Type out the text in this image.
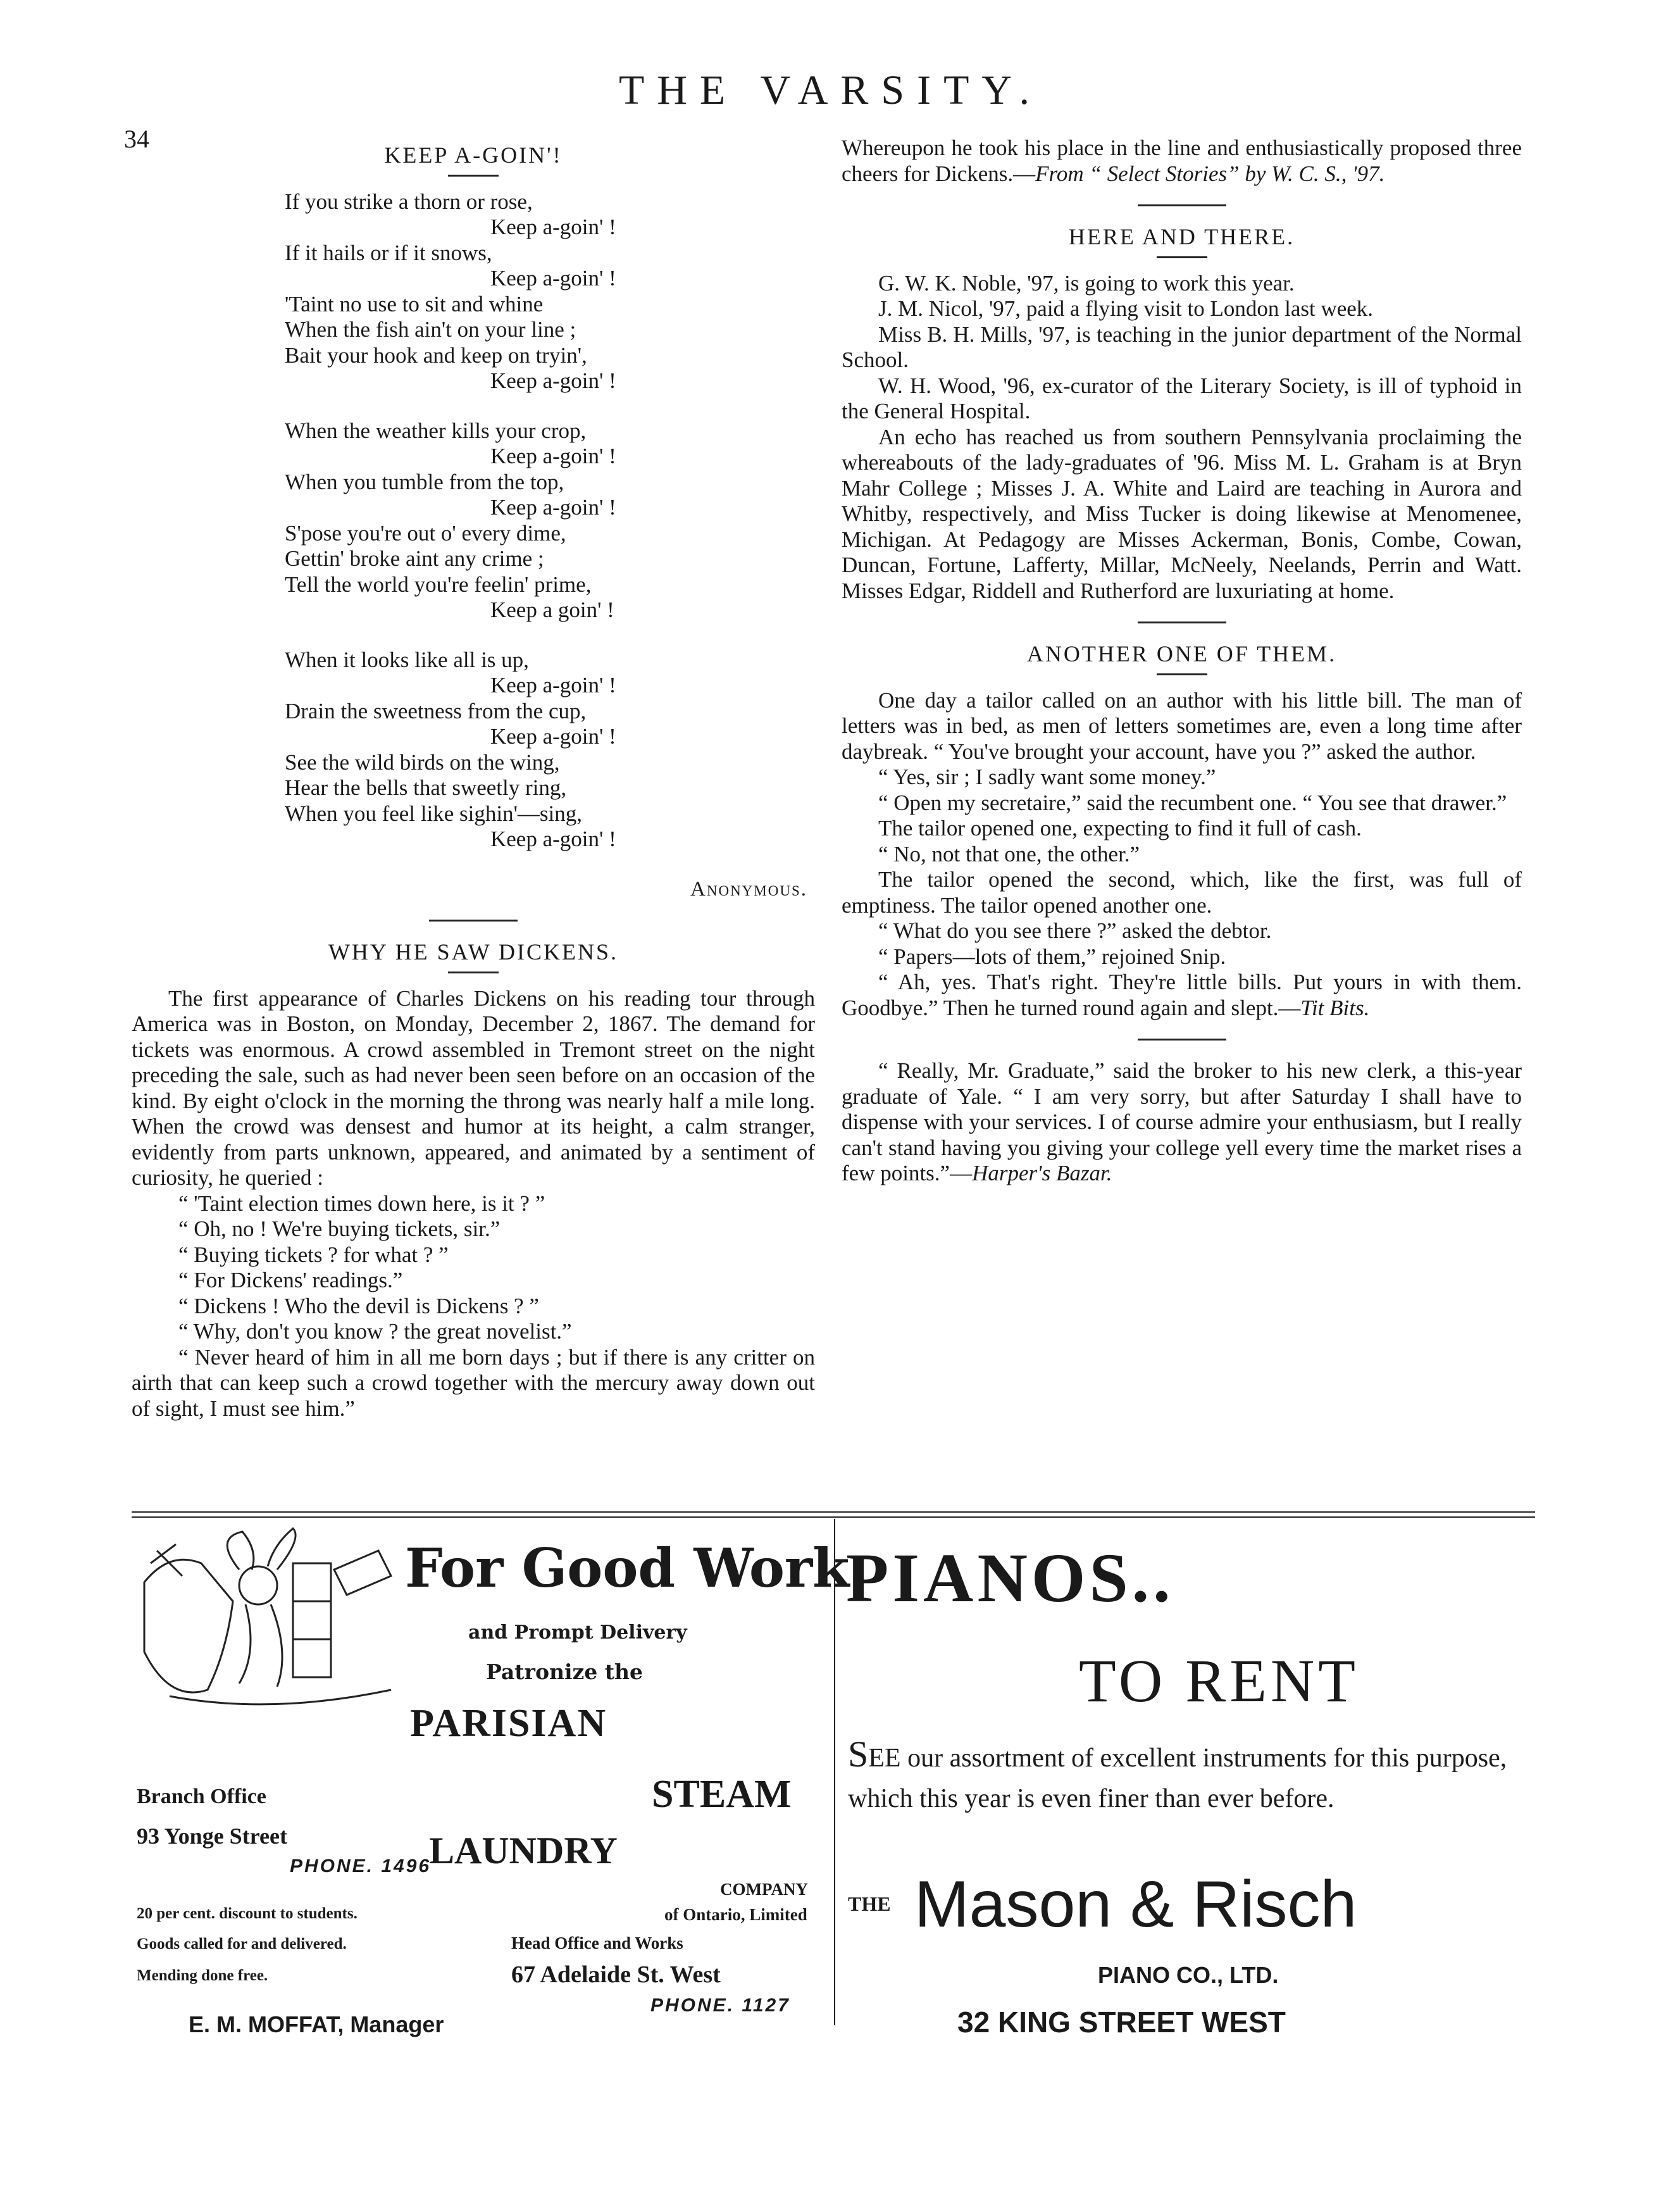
THE VARSITY.
34
KEEP A-GOIN'!
If you strike a thorn or rose,
Keep a-goin' !
If it hails or if it snows,
Keep a-goin' !
'Taint no use to sit and whine
When the fish ain't on your line ;
Bait your hook and keep on tryin',
Keep a-goin' !
When the weather kills your crop,
Keep a-goin' !
When you tumble from the top,
Keep a-goin' !
S'pose you're out o' every dime,
Gettin' broke aint any crime ;
Tell the world you're feelin' prime,
Keep a goin' !
When it looks like all is up,
Keep a-goin' !
Drain the sweetness from the cup,
Keep a-goin' !
See the wild birds on the wing,
Hear the bells that sweetly ring,
When you feel like sighin'—sing,
Keep a-goin' !
Anonymous.
WHY HE SAW DICKENS.

The first appearance of Charles Dickens on his reading tour through America was in Boston, on Monday, December 2, 1867. The demand for tickets was enormous. A crowd assembled in Tremont street on the night preceding the sale, such as had never been seen before on an occasion of the kind. By eight o'clock in the morning the throng was nearly half a mile long. When the crowd was densest and humor at its height, a calm stranger, evidently from parts unknown, appeared, and animated by a sentiment of curiosity, he queried :

“ 'Taint election times down here, is it ? ”

“ Oh, no ! We're buying tickets, sir.”

“ Buying tickets ? for what ? ”

“ For Dickens' readings.”

“ Dickens ! Who the devil is Dickens ? ”

“ Why, don't you know ? the great novelist.”

“ Never heard of him in all me born days ; but if there is any critter on airth that can keep such a crowd together with the mercury away down out of sight, I must see him.”

Whereupon he took his place in the line and enthusiastically proposed three cheers for Dickens.—From “ Select Stories” by W. C. S., '97.

HERE AND THERE.

G. W. K. Noble, '97, is going to work this year.

J. M. Nicol, '97, paid a flying visit to London last week.

Miss B. H. Mills, '97, is teaching in the junior department of the Normal School.

W. H. Wood, '96, ex-curator of the Literary Society, is ill of typhoid in the General Hospital.

An echo has reached us from southern Pennsylvania proclaiming the whereabouts of the lady-graduates of '96. Miss M. L. Graham is at Bryn Mahr College ; Misses J. A. White and Laird are teaching in Aurora and Whitby, respectively, and Miss Tucker is doing likewise at Menomenee, Michigan. At Pedagogy are Misses Ackerman, Bonis, Combe, Cowan, Duncan, Fortune, Lafferty, Millar, McNeely, Neelands, Perrin and Watt. Misses Edgar, Riddell and Rutherford are luxuriating at home.

ANOTHER ONE OF THEM.

One day a tailor called on an author with his little bill. The man of letters was in bed, as men of letters sometimes are, even a long time after daybreak. “ You've brought your account, have you ?” asked the author.

“ Yes, sir ; I sadly want some money.”

“ Open my secretaire,” said the recumbent one. “ You see that drawer.”

The tailor opened one, expecting to find it full of cash.

“ No, not that one, the other.”

The tailor opened the second, which, like the first, was full of emptiness. The tailor opened another one.

“ What do you see there ?” asked the debtor.

“ Papers—lots of them,” rejoined Snip.

“ Ah, yes. That's right. They're little bills. Put yours in with them. Goodbye.” Then he turned round again and slept.—Tit Bits.

“ Really, Mr. Graduate,” said the broker to his new clerk, a this-year graduate of Yale. “ I am very sorry, but after Saturday I shall have to dispense with your services. I of course admire your enthusiasm, but I really can't stand having you giving your college yell every time the market rises a few points.”—Harper's Bazar.

For Good Work
and Prompt Delivery
Patronize the
PARISIAN
STEAM
LAUNDRY
COMPANY
of Ontario, Limited
Branch Office
93 Yonge Street
PHONE. 1496
20 per cent. discount to students.
Goods called for and delivered.
Mending done free.
Head Office and Works
67 Adelaide St. West
PHONE. 1127
E. M. MOFFAT, Manager
PIANOS..
TO RENT
SEE our assortment of excellent instruments for this purpose, which this year is even finer than ever before.
THE Mason & Risch
PIANO CO., LTD.
32 KING STREET WEST
